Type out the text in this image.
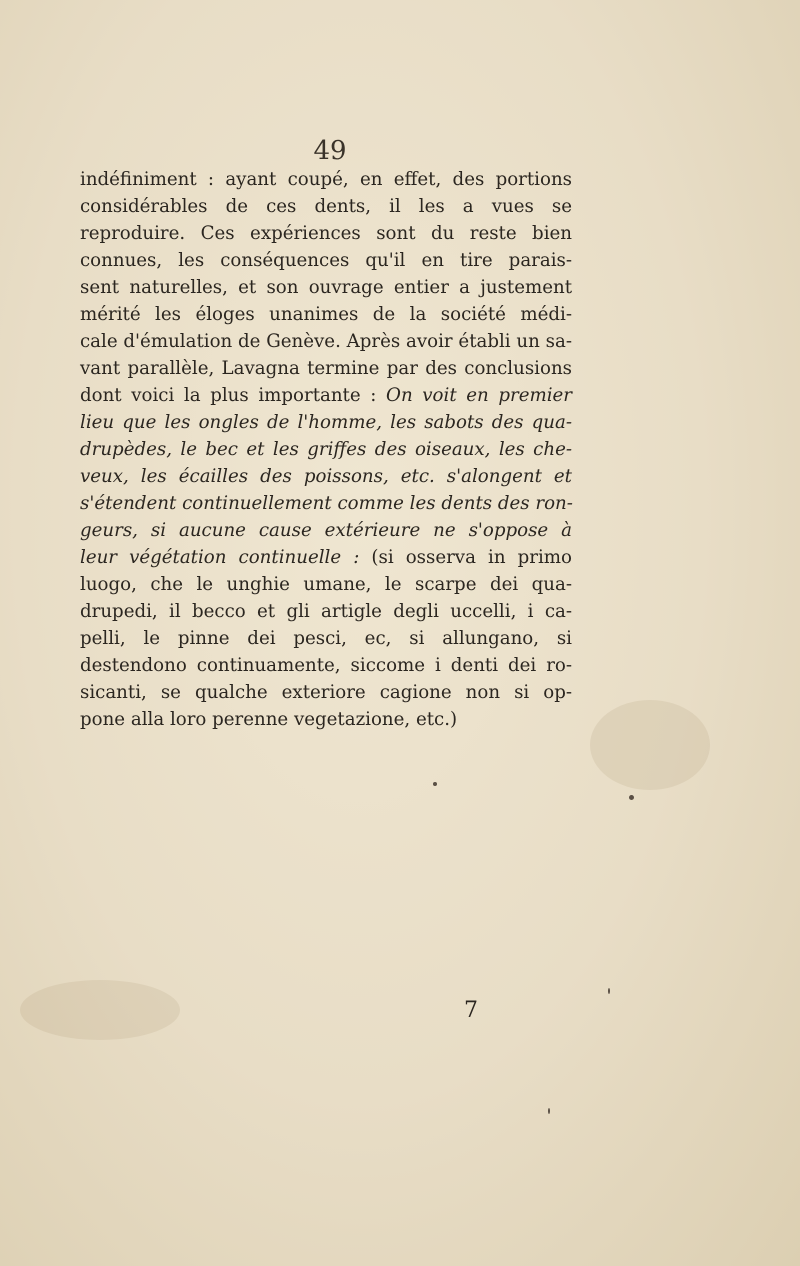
49
indéfiniment : ayant coupé, en effet, des portions
considérables de ces dents, il les a vues se
reproduire. Ces expériences sont du reste bien
connues, les conséquences qu'il en tire parais-
sent naturelles, et son ouvrage entier a justement
mérité les éloges unanimes de la société médi-
cale d'émulation de Genève. Après avoir établi un sa-
vant parallèle, Lavagna termine par des conclusions
dont voici la plus importante : On voit en premier
lieu que les ongles de l'homme, les sabots des qua-
drupèdes, le bec et les griffes des oiseaux, les che-
veux, les écailles des poissons, etc. s'alongent et
s'étendent continuellement comme les dents des ron-
geurs, si aucune cause extérieure ne s'oppose à
leur végétation continuelle : (si osserva in primo
luogo, che le unghie umane, le scarpe dei qua-
drupedi, il becco et gli artigle degli uccelli, i ca-
pelli, le pinne dei pesci, ec, si allungano, si
destendono continuamente, siccome i denti dei ro-
sicanti, se qualche exteriore cagione non si op-
pone alla loro perenne vegetazione, etc.)
7
